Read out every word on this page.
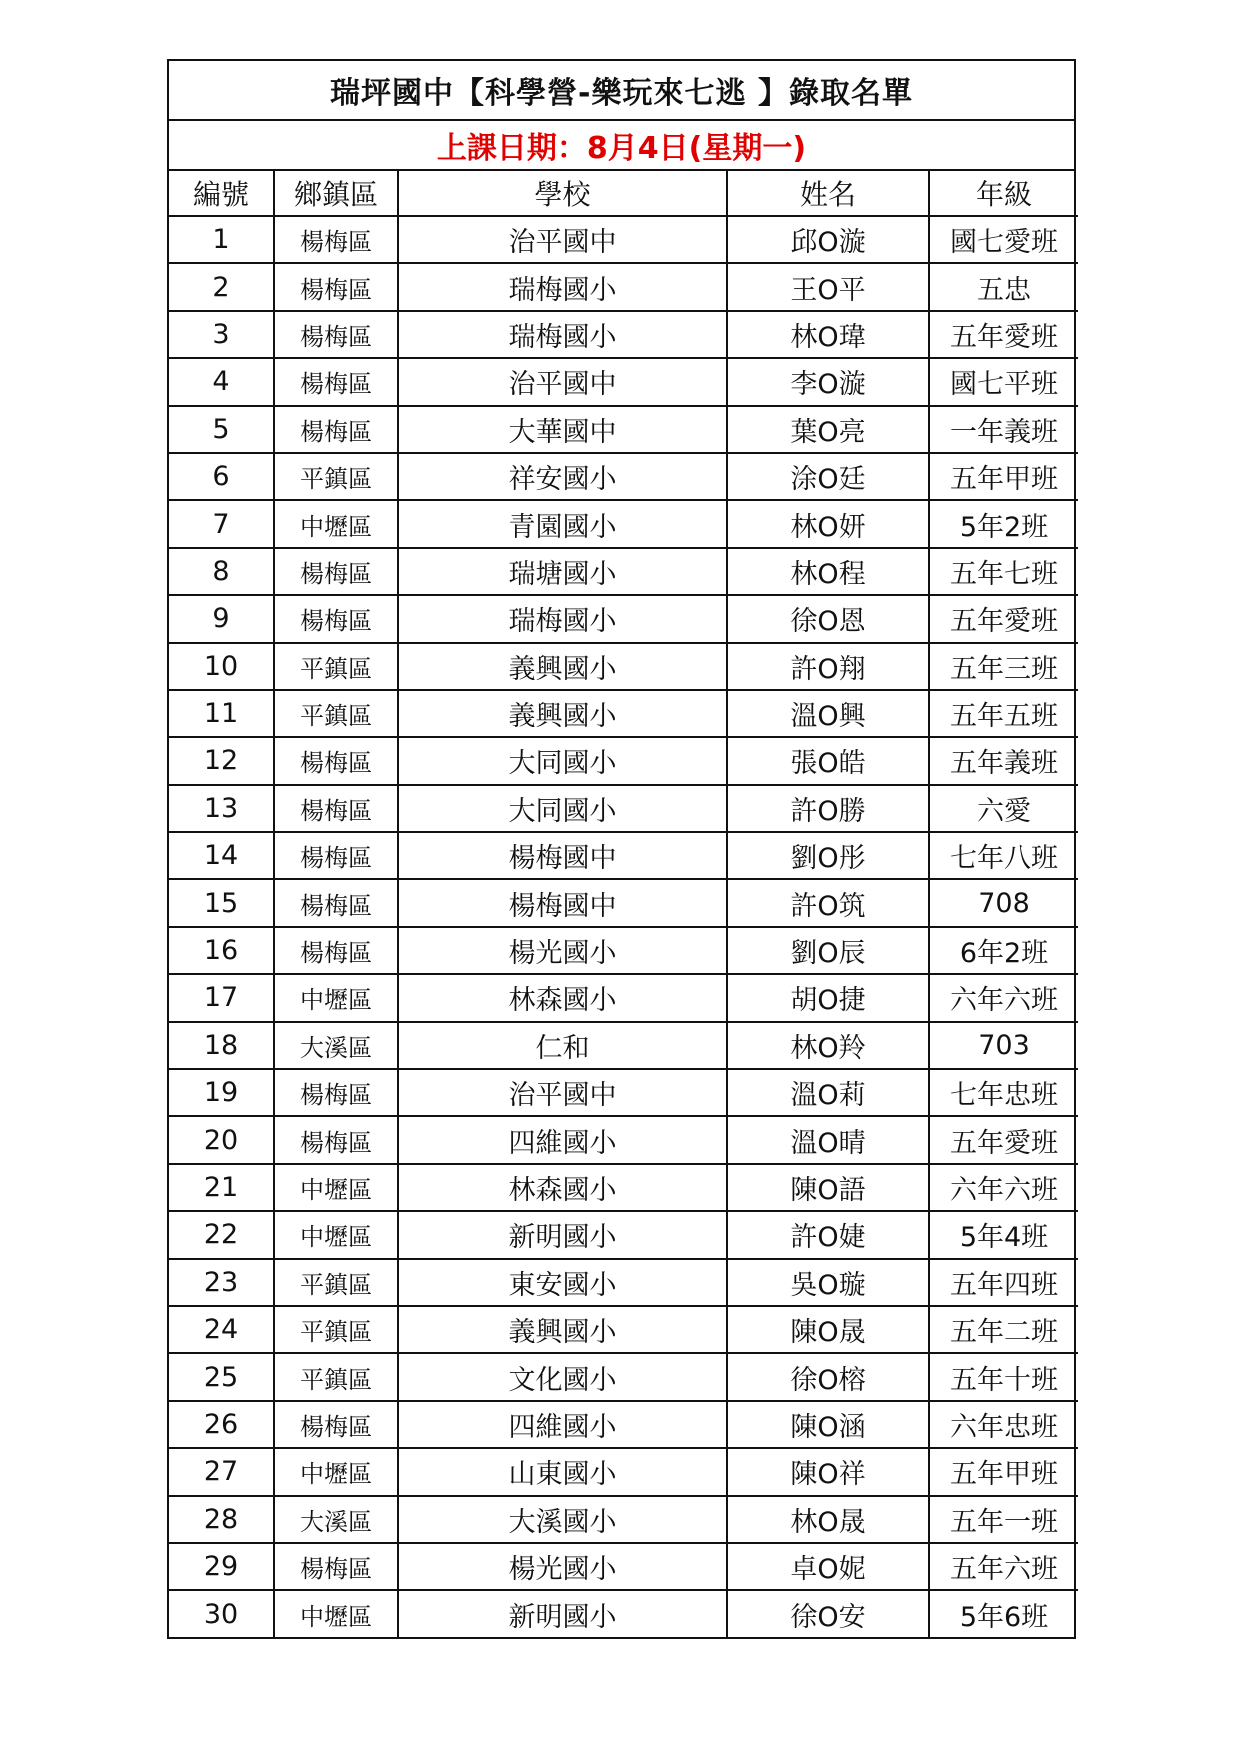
瑞坪國中【科學營-樂玩來七逃 】錄取名單
上課日期：8月4日(星期一)
編號	鄉鎮區	學校	姓名	年級
1	楊梅區	治平國中	邱O漩	國七愛班
2	楊梅區	瑞梅國小	王O平	五忠
3	楊梅區	瑞梅國小	林O瑋	五年愛班
4	楊梅區	治平國中	李O漩	國七平班
5	楊梅區	大華國中	葉O亮	一年義班
6	平鎮區	祥安國小	涂O廷	五年甲班
7	中壢區	青園國小	林O妍	5年2班
8	楊梅區	瑞塘國小	林O程	五年七班
9	楊梅區	瑞梅國小	徐O恩	五年愛班
10	平鎮區	義興國小	許O翔	五年三班
11	平鎮區	義興國小	溫O興	五年五班
12	楊梅區	大同國小	張O皓	五年義班
13	楊梅區	大同國小	許O勝	六愛
14	楊梅區	楊梅國中	劉O彤	七年八班
15	楊梅區	楊梅國中	許O筑	708
16	楊梅區	楊光國小	劉O辰	6年2班
17	中壢區	林森國小	胡O捷	六年六班
18	大溪區	仁和	林O羚	703
19	楊梅區	治平國中	溫O莉	七年忠班
20	楊梅區	四維國小	溫O晴	五年愛班
21	中壢區	林森國小	陳O語	六年六班
22	中壢區	新明國小	許O婕	5年4班
23	平鎮區	東安國小	吳O璇	五年四班
24	平鎮區	義興國小	陳O晟	五年二班
25	平鎮區	文化國小	徐O榕	五年十班
26	楊梅區	四維國小	陳O涵	六年忠班
27	中壢區	山東國小	陳O祥	五年甲班
28	大溪區	大溪國小	林O晟	五年一班
29	楊梅區	楊光國小	卓O妮	五年六班
30	中壢區	新明國小	徐O安	5年6班
